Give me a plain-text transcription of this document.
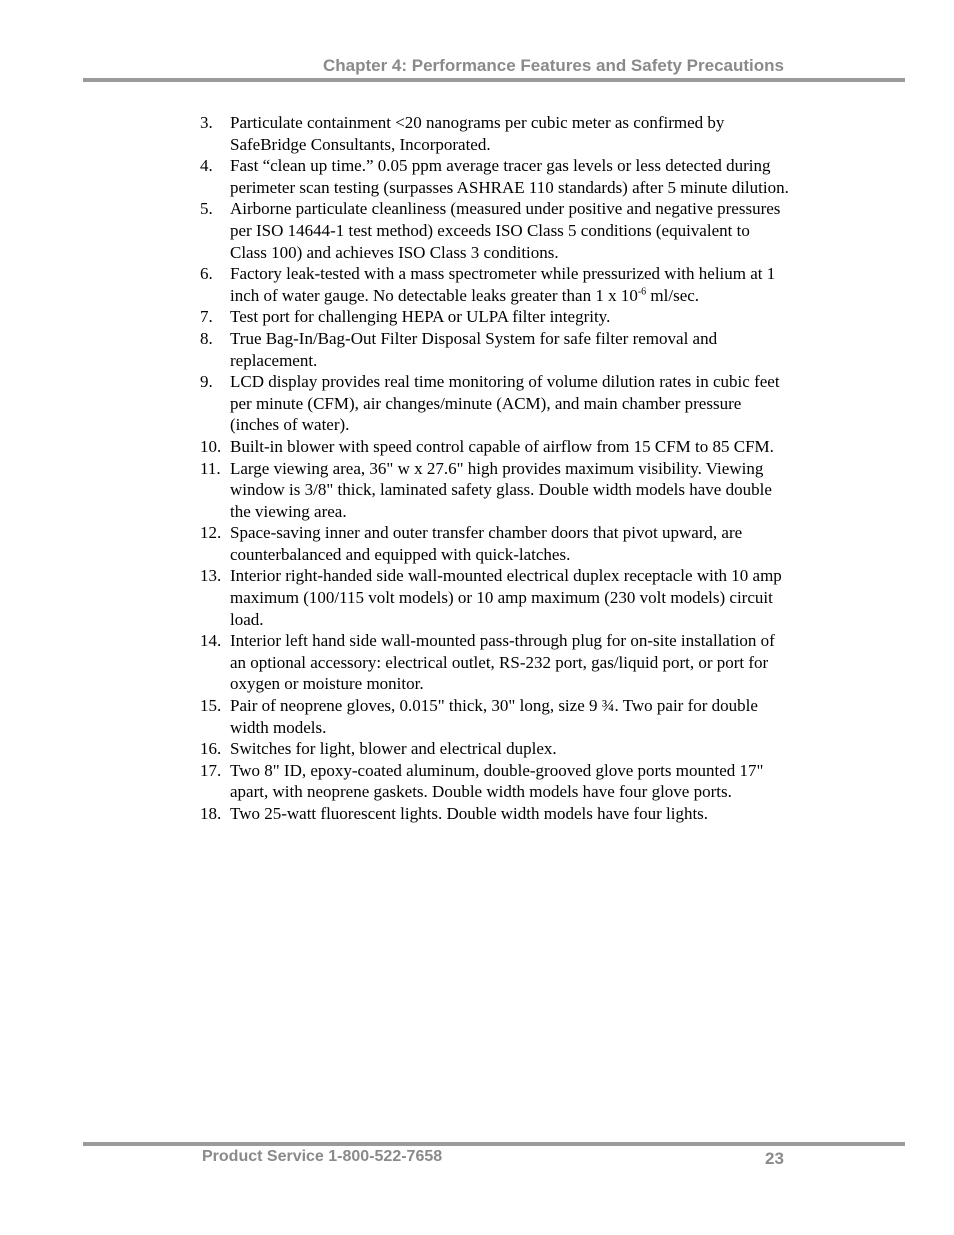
Chapter 4: Performance Features and Safety Precautions
3.	Particulate containment <20 nanograms per cubic meter as confirmed by SafeBridge Consultants, Incorporated.
4.	Fast “clean up time.” 0.05 ppm average tracer gas levels or less detected during perimeter scan testing (surpasses ASHRAE 110 standards) after 5 minute dilution.
5.	Airborne particulate cleanliness (measured under positive and negative pressures per ISO 14644-1 test method) exceeds ISO Class 5 conditions (equivalent to Class 100) and achieves ISO Class 3 conditions.
6.	Factory leak-tested with a mass spectrometer while pressurized with helium at 1 inch of water gauge. No detectable leaks greater than 1 x $10^{-6}$ ml/sec.
7.	Test port for challenging HEPA or ULPA filter integrity.
8.	True Bag-In/Bag-Out Filter Disposal System for safe filter removal and replacement.
9.	LCD display provides real time monitoring of volume dilution rates in cubic feet per minute (CFM), air changes/minute (ACM), and main chamber pressure (inches of water).
10. Built-in blower with speed control capable of airflow from 15 CFM to 85 CFM.
11. Large viewing area, 36" w x 27.6" high provides maximum visibility. Viewing window is 3/8" thick, laminated safety glass. Double width models have double the viewing area.
12. Space-saving inner and outer transfer chamber doors that pivot upward, are counterbalanced and equipped with quick-latches.
13. Interior right-handed side wall-mounted electrical duplex receptacle with 10 amp maximum (100/115 volt models) or 10 amp maximum (230 volt models) circuit load.
14. Interior left hand side wall-mounted pass-through plug for on-site installation of an optional accessory: electrical outlet, RS-232 port, gas/liquid port, or port for oxygen or moisture monitor.
15. Pair of neoprene gloves, 0.015" thick, 30" long, size 9 ¾. Two pair for double width models.
16. Switches for light, blower and electrical duplex.
17. Two 8" ID, epoxy-coated aluminum, double-grooved glove ports mounted 17" apart, with neoprene gaskets. Double width models have four glove ports.
18. Two 25-watt fluorescent lights. Double width models have four lights.
Product Service 1-800-522-7658	23
